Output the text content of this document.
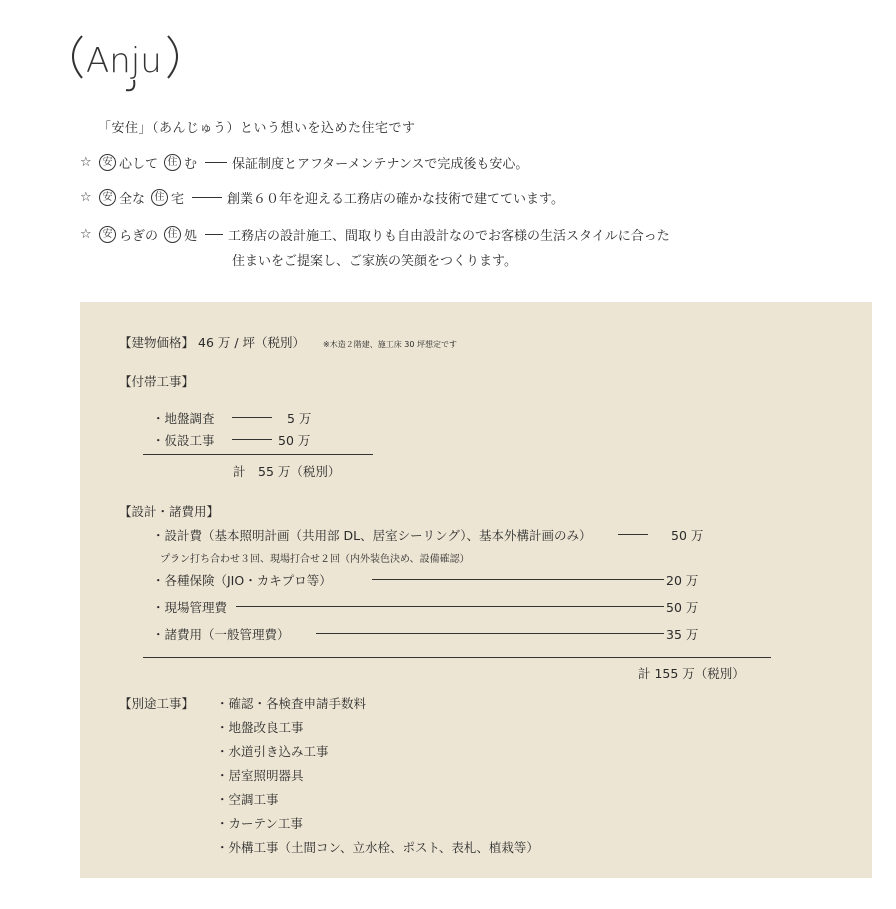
Anju
「安住」（あんじゅう）という想いを込めた住宅です
☆	安 心して 住 む	保証制度とアフターメンテナンスで完成後も安心。
☆	安 全な 住 宅	創業６０年を迎える工務店の確かな技術で建てています。
☆	安 らぎの 住 処 工務店の設計施工、間取りも自由設計なのでお客様の生活スタイルに合った
住まいをご提案し、ご家族の笑顔をつくります。
【建物価格】 46 万 / 坪（税別） ※木造２階建、施工床 30 坪想定です
【付帯工事】
・地盤調査	5 万
・仮設工事	50 万
計　55 万（税別）
【設計・諸費用】
・設計費（基本照明計画（共用部 DL、居室シーリング）、基本外構計画のみ）	50 万
プラン打ち合わせ３回、現場打合せ２回（内外装色決め、設備確認）
・各種保険（JIO・カキプロ等）	20 万
・現場管理費	50 万
・諸費用（一般管理費）	35 万
計 155 万（税別）
【別途工事】 ・確認・各検査申請手数料
・地盤改良工事
・水道引き込み工事
・居室照明器具
・空調工事
・カーテン工事
・外構工事（土間コン、立水栓、ポスト、表札、植栽等）
